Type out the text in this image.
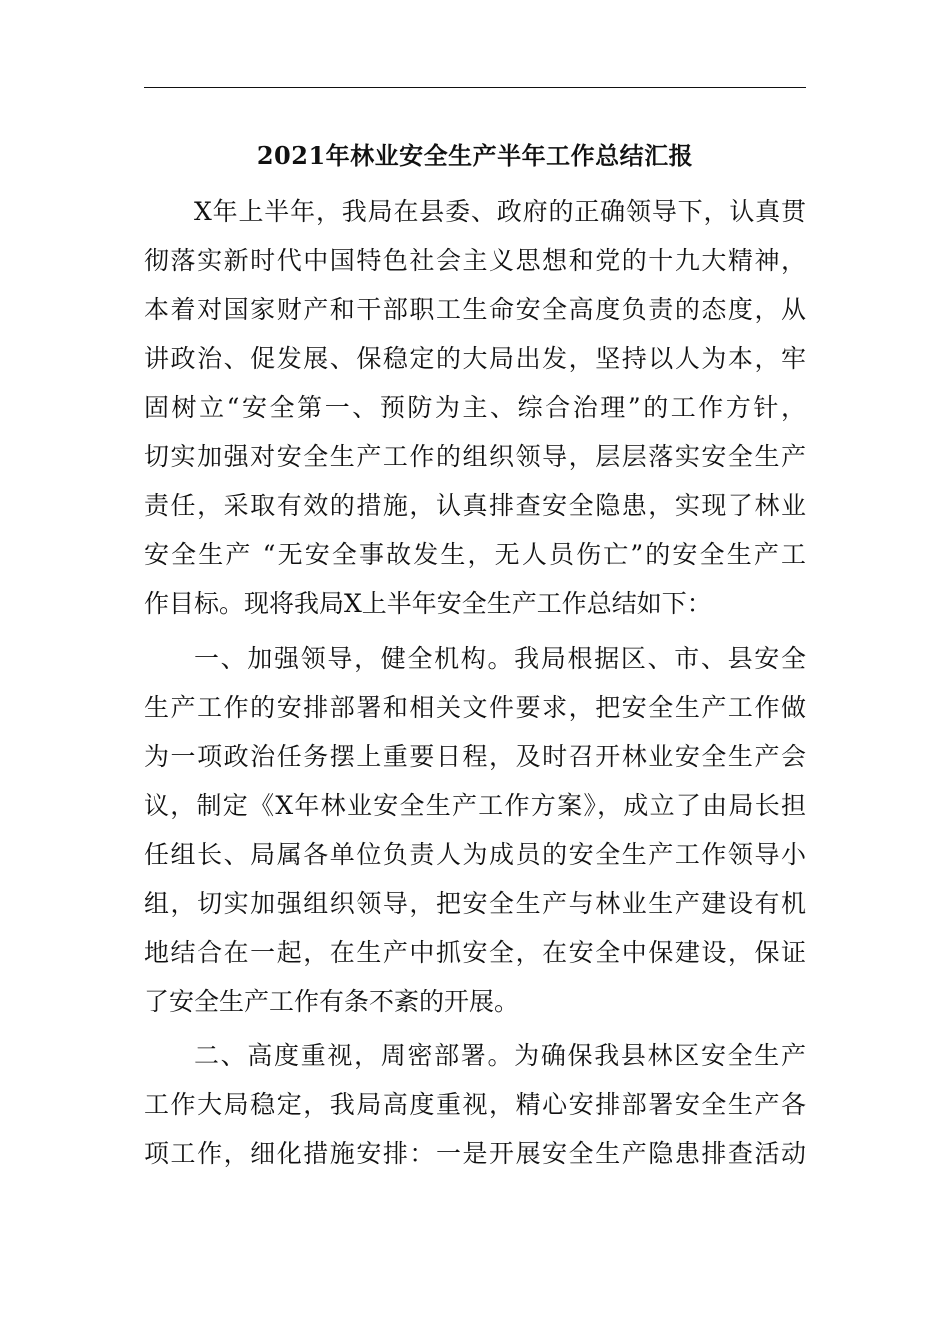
2021年林业安全生产半年工作总结汇报
X年上半年，我局在县委、政府的正确领导下，认真贯
彻落实新时代中国特色社会主义思想和党的十九大精神，
本着对国家财产和干部职工生命安全高度负责的态度，从
讲政治、促发展、保稳定的大局出发，坚持以人为本，牢
固树立“安全第一、预防为主、综合治理”的工作方针，
切实加强对安全生产工作的组织领导，层层落实安全生产
责任，采取有效的措施，认真排查安全隐患，实现了林业
安全生产 “无安全事故发生，无人员伤亡”的安全生产工
作目标。现将我局X上半年安全生产工作总结如下：
一、加强领导，健全机构。我局根据区、市、县安全
生产工作的安排部署和相关文件要求，把安全生产工作做
为一项政治任务摆上重要日程，及时召开林业安全生产会
议，制定《X年林业安全生产工作方案》，成立了由局长担
任组长、局属各单位负责人为成员的安全生产工作领导小
组，切实加强组织领导，把安全生产与林业生产建设有机
地结合在一起，在生产中抓安全，在安全中保建设，保证
了安全生产工作有条不紊的开展。
二、高度重视，周密部署。为确保我县林区安全生产
工作大局稳定，我局高度重视，精心安排部署安全生产各
项工作，细化措施安排：一是开展安全生产隐患排查活动
